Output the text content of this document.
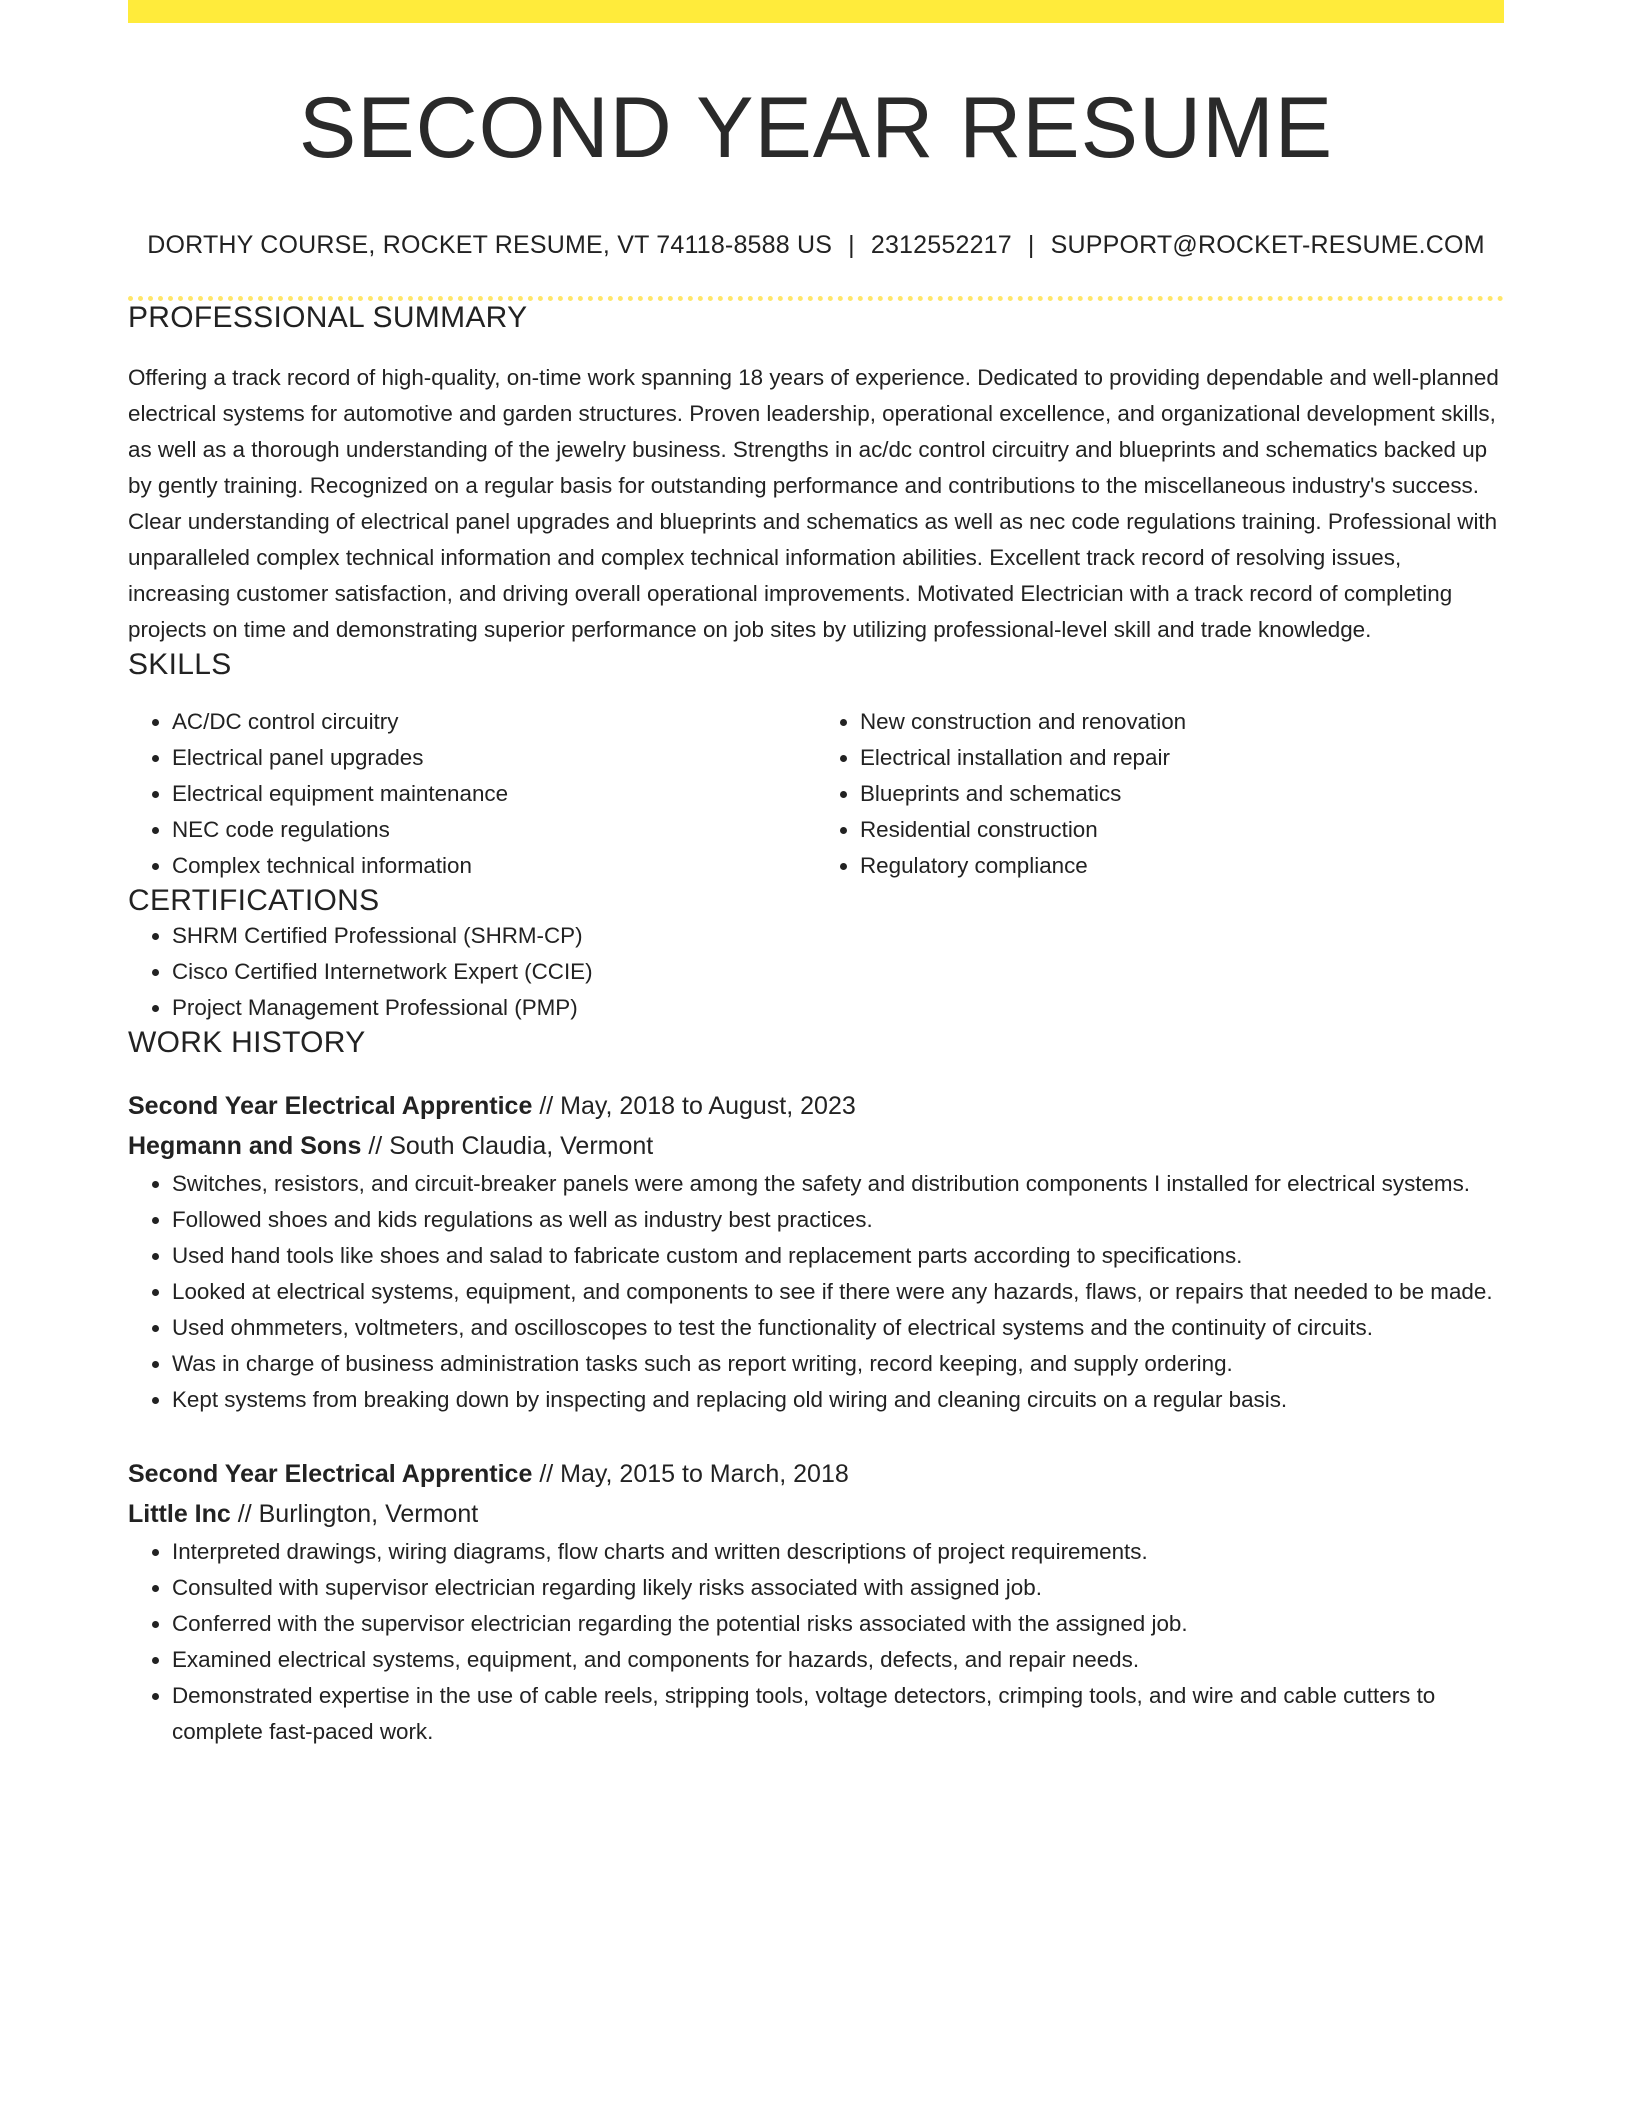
SECOND YEAR RESUME
DORTHY COURSE, ROCKET RESUME, VT 74118-8588 US | 2312552217 | SUPPORT@ROCKET-RESUME.COM
PROFESSIONAL SUMMARY

Offering a track record of high-quality, on-time work spanning 18 years of experience. Dedicated to providing dependable and well-planned electrical systems for automotive and garden structures. Proven leadership, operational excellence, and organizational development skills, as well as a thorough understanding of the jewelry business. Strengths in ac/dc control circuitry and blueprints and schematics backed up by gently training. Recognized on a regular basis for outstanding performance and contributions to the miscellaneous industry's success. Clear understanding of electrical panel upgrades and blueprints and schematics as well as nec code regulations training. Professional with unparalleled complex technical information and complex technical information abilities. Excellent track record of resolving issues, increasing customer satisfaction, and driving overall operational improvements. Motivated Electrician with a track record of completing projects on time and demonstrating superior performance on job sites by utilizing professional-level skill and trade knowledge.

SKILLS
• AC/DC control circuitry
• Electrical panel upgrades
• Electrical equipment maintenance
• NEC code regulations
• Complex technical information
• New construction and renovation
• Electrical installation and repair
• Blueprints and schematics
• Residential construction
• Regulatory compliance
CERTIFICATIONS
• SHRM Certified Professional (SHRM-CP)
• Cisco Certified Internetwork Expert (CCIE)
• Project Management Professional (PMP)
WORK HISTORY
Second Year Electrical Apprentice // May, 2018 to August, 2023
Hegmann and Sons // South Claudia, Vermont
• Switches, resistors, and circuit-breaker panels were among the safety and distribution components I installed for electrical systems.
• Followed shoes and kids regulations as well as industry best practices.
• Used hand tools like shoes and salad to fabricate custom and replacement parts according to specifications.
• Looked at electrical systems, equipment, and components to see if there were any hazards, flaws, or repairs that needed to be made.
• Used ohmmeters, voltmeters, and oscilloscopes to test the functionality of electrical systems and the continuity of circuits.
• Was in charge of business administration tasks such as report writing, record keeping, and supply ordering.
• Kept systems from breaking down by inspecting and replacing old wiring and cleaning circuits on a regular basis.
Second Year Electrical Apprentice // May, 2015 to March, 2018
Little Inc // Burlington, Vermont
• Interpreted drawings, wiring diagrams, flow charts and written descriptions of project requirements.
• Consulted with supervisor electrician regarding likely risks associated with assigned job.
• Conferred with the supervisor electrician regarding the potential risks associated with the assigned job.
• Examined electrical systems, equipment, and components for hazards, defects, and repair needs.
• Demonstrated expertise in the use of cable reels, stripping tools, voltage detectors, crimping tools, and wire and cable cutters to complete fast-paced work.
